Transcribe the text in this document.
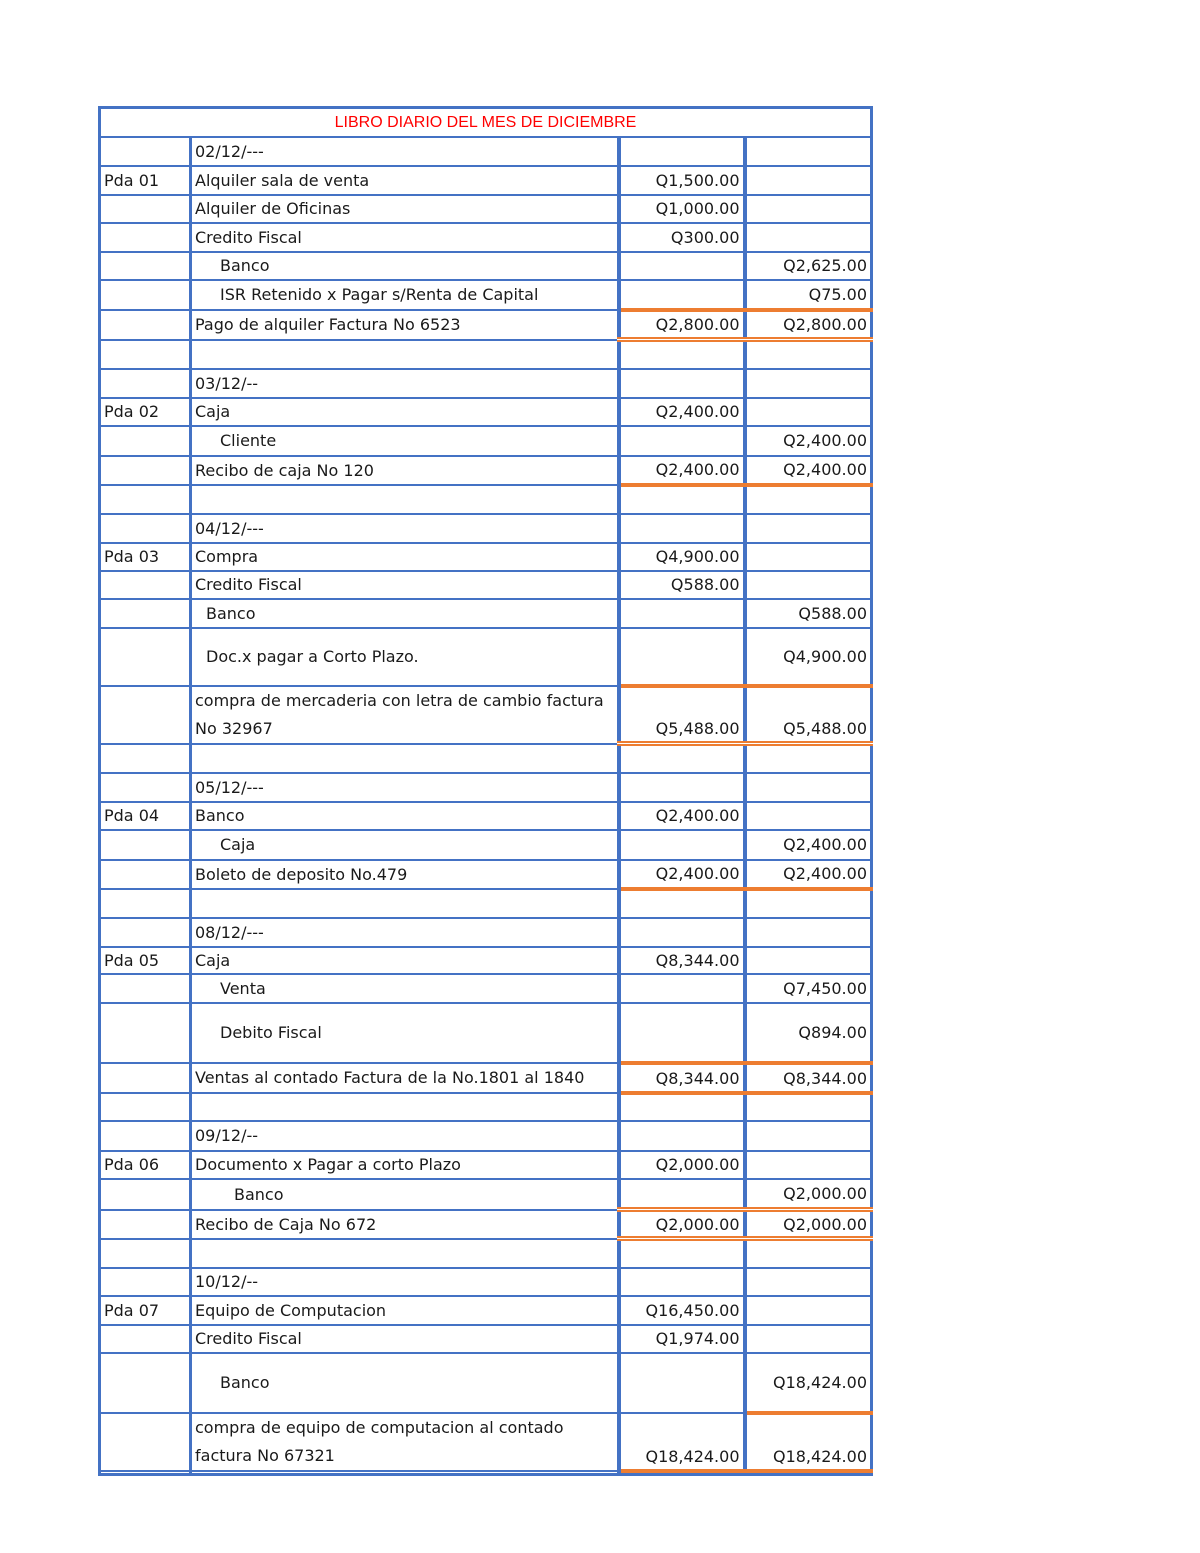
LIBRO DIARIO DEL MES DE DICIEMBRE			
	02/12/---		
Pda 01	Alquiler sala de venta	Q1,500.00	
	Alquiler de Oficinas	Q1,000.00	
	Credito Fiscal	Q300.00	
	Banco		Q2,625.00
	ISR Retenido x Pagar s/Renta de Capital		Q75.00
	Pago de alquiler Factura No 6523	Q2,800.00	Q2,800.00

	03/12/--		
Pda 02	Caja	Q2,400.00	
	Cliente		Q2,400.00
	Recibo de caja No 120	Q2,400.00	Q2,400.00

	04/12/---		
Pda 03	Compra	Q4,900.00	
	Credito Fiscal	Q588.00	
	Banco		Q588.00
	Doc.x pagar a Corto Plazo.		Q4,900.00
	compra de mercaderia con letra de cambio factura No 32967	Q5,488.00	Q5,488.00

	05/12/---		
Pda 04	Banco	Q2,400.00	
	Caja		Q2,400.00
	Boleto de deposito No.479	Q2,400.00	Q2,400.00

	08/12/---		
Pda 05	Caja	Q8,344.00	
	Venta		Q7,450.00
	Debito Fiscal		Q894.00
	Ventas al contado Factura de la No.1801 al 1840	Q8,344.00	Q8,344.00

	09/12/--		
Pda 06	Documento x Pagar a corto Plazo	Q2,000.00	
	Banco		Q2,000.00
	Recibo de Caja No 672	Q2,000.00	Q2,000.00

	10/12/--		
Pda 07	Equipo de Computacion	Q16,450.00	
	Credito Fiscal	Q1,974.00	
	Banco		Q18,424.00
	compra de equipo de computacion al contado factura No 67321	Q18,424.00	Q18,424.00
